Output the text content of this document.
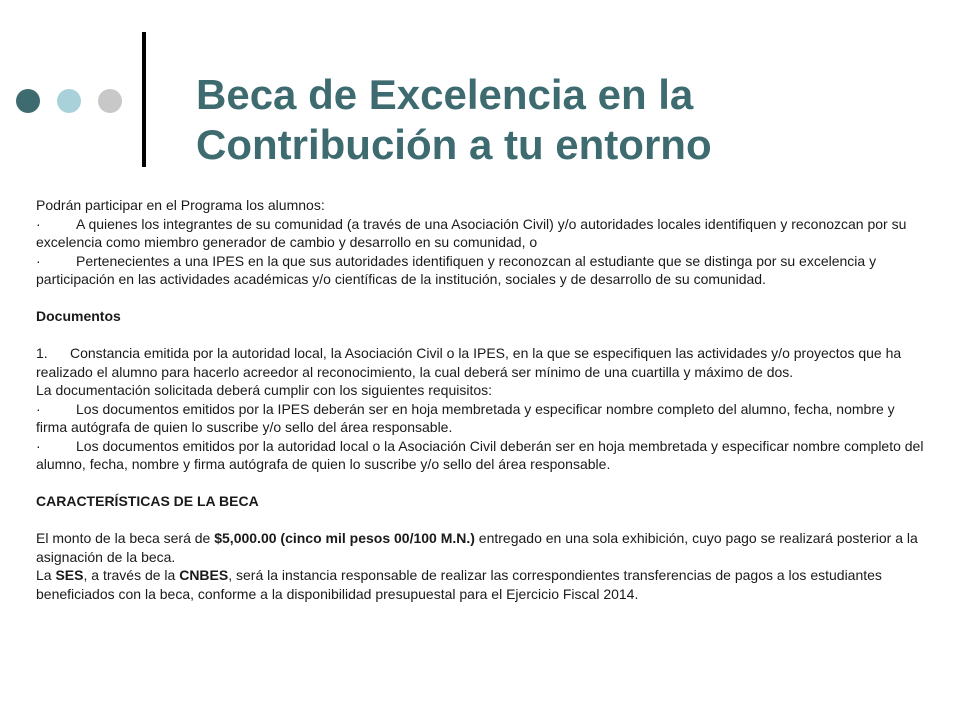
Beca de Excelencia en la
Contribución a tu entorno

Podrán participar en el Programa los alumnos:

·	A quienes los integrantes de su comunidad (a través de una Asociación Civil) y/o autoridades locales identifiquen y reconozcan por su excelencia como miembro generador de cambio y desarrollo en su comunidad, o

·	Pertenecientes a una IPES en la que sus autoridades identifiquen y reconozcan al estudiante que se distinga por su excelencia y participación en las actividades académicas y/o científicas de la institución, sociales y de desarrollo de su comunidad.

Documentos

1. Constancia emitida por la autoridad local, la Asociación Civil o la IPES, en la que se especifiquen las actividades y/o proyectos que ha realizado el alumno para hacerlo acreedor al reconocimiento, la cual deberá ser mínimo de una cuartilla y máximo de dos.

La documentación solicitada deberá cumplir con los siguientes requisitos:

·	Los documentos emitidos por la IPES deberán ser en hoja membretada y especificar nombre completo del alumno, fecha, nombre y firma autógrafa de quien lo suscribe y/o sello del área responsable.

·	Los documentos emitidos por la autoridad local o la Asociación Civil deberán ser en hoja membretada y especificar nombre completo del alumno, fecha, nombre y firma autógrafa de quien lo suscribe y/o sello del área responsable.

CARACTERÍSTICAS DE LA BECA

El monto de la beca será de $5,000.00 (cinco mil pesos 00/100 M.N.) entregado en una sola exhibición, cuyo pago se realizará posterior a la asignación de la beca.

La SES, a través de la CNBES, será la instancia responsable de realizar las correspondientes transferencias de pagos a los estudiantes beneficiados con la beca, conforme a la disponibilidad presupuestal para el Ejercicio Fiscal 2014.
